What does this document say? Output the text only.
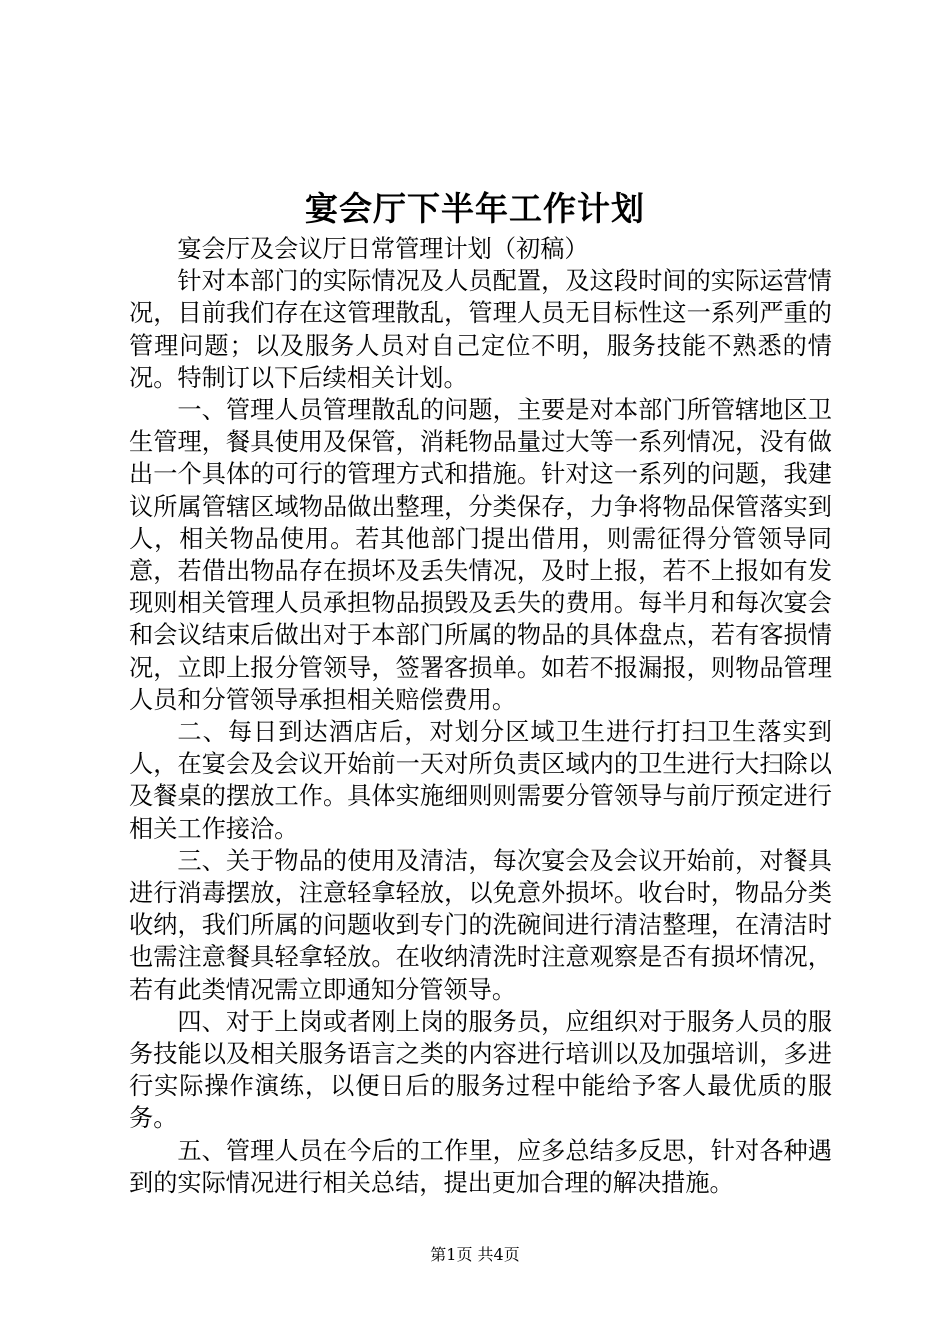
宴会厅下半年工作计划

宴会厅及会议厅日常管理计划（初稿）

针对本部门的实际情况及人员配置，及这段时间的实际运营情况，目前我们存在这管理散乱，管理人员无目标性这一系列严重的管理问题；以及服务人员对自己定位不明，服务技能不熟悉的情况。特制订以下后续相关计划。

一、管理人员管理散乱的问题，主要是对本部门所管辖地区卫生管理，餐具使用及保管，消耗物品量过大等一系列情况，没有做出一个具体的可行的管理方式和措施。针对这一系列的问题，我建议所属管辖区域物品做出整理，分类保存，力争将物品保管落实到人，相关物品使用。若其他部门提出借用，则需征得分管领导同意，若借出物品存在损坏及丢失情况，及时上报，若不上报如有发现则相关管理人员承担物品损毁及丢失的费用。每半月和每次宴会和会议结束后做出对于本部门所属的物品的具体盘点，若有客损情况，立即上报分管领导，签署客损单。如若不报漏报，则物品管理人员和分管领导承担相关赔偿费用。

二、每日到达酒店后，对划分区域卫生进行打扫卫生落实到人，在宴会及会议开始前一天对所负责区域内的卫生进行大扫除以及餐桌的摆放工作。具体实施细则则需要分管领导与前厅预定进行相关工作接洽。

三、关于物品的使用及清洁，每次宴会及会议开始前，对餐具进行消毒摆放，注意轻拿轻放，以免意外损坏。收台时，物品分类收纳，我们所属的问题收到专门的洗碗间进行清洁整理，在清洁时也需注意餐具轻拿轻放。在收纳清洗时注意观察是否有损坏情况，若有此类情况需立即通知分管领导。

四、对于上岗或者刚上岗的服务员，应组织对于服务人员的服务技能以及相关服务语言之类的内容进行培训以及加强培训，多进行实际操作演练，以便日后的服务过程中能给予客人最优质的服务。

五、管理人员在今后的工作里，应多总结多反思，针对各种遇到的实际情况进行相关总结，提出更加合理的解决措施。

第1页 共4页
